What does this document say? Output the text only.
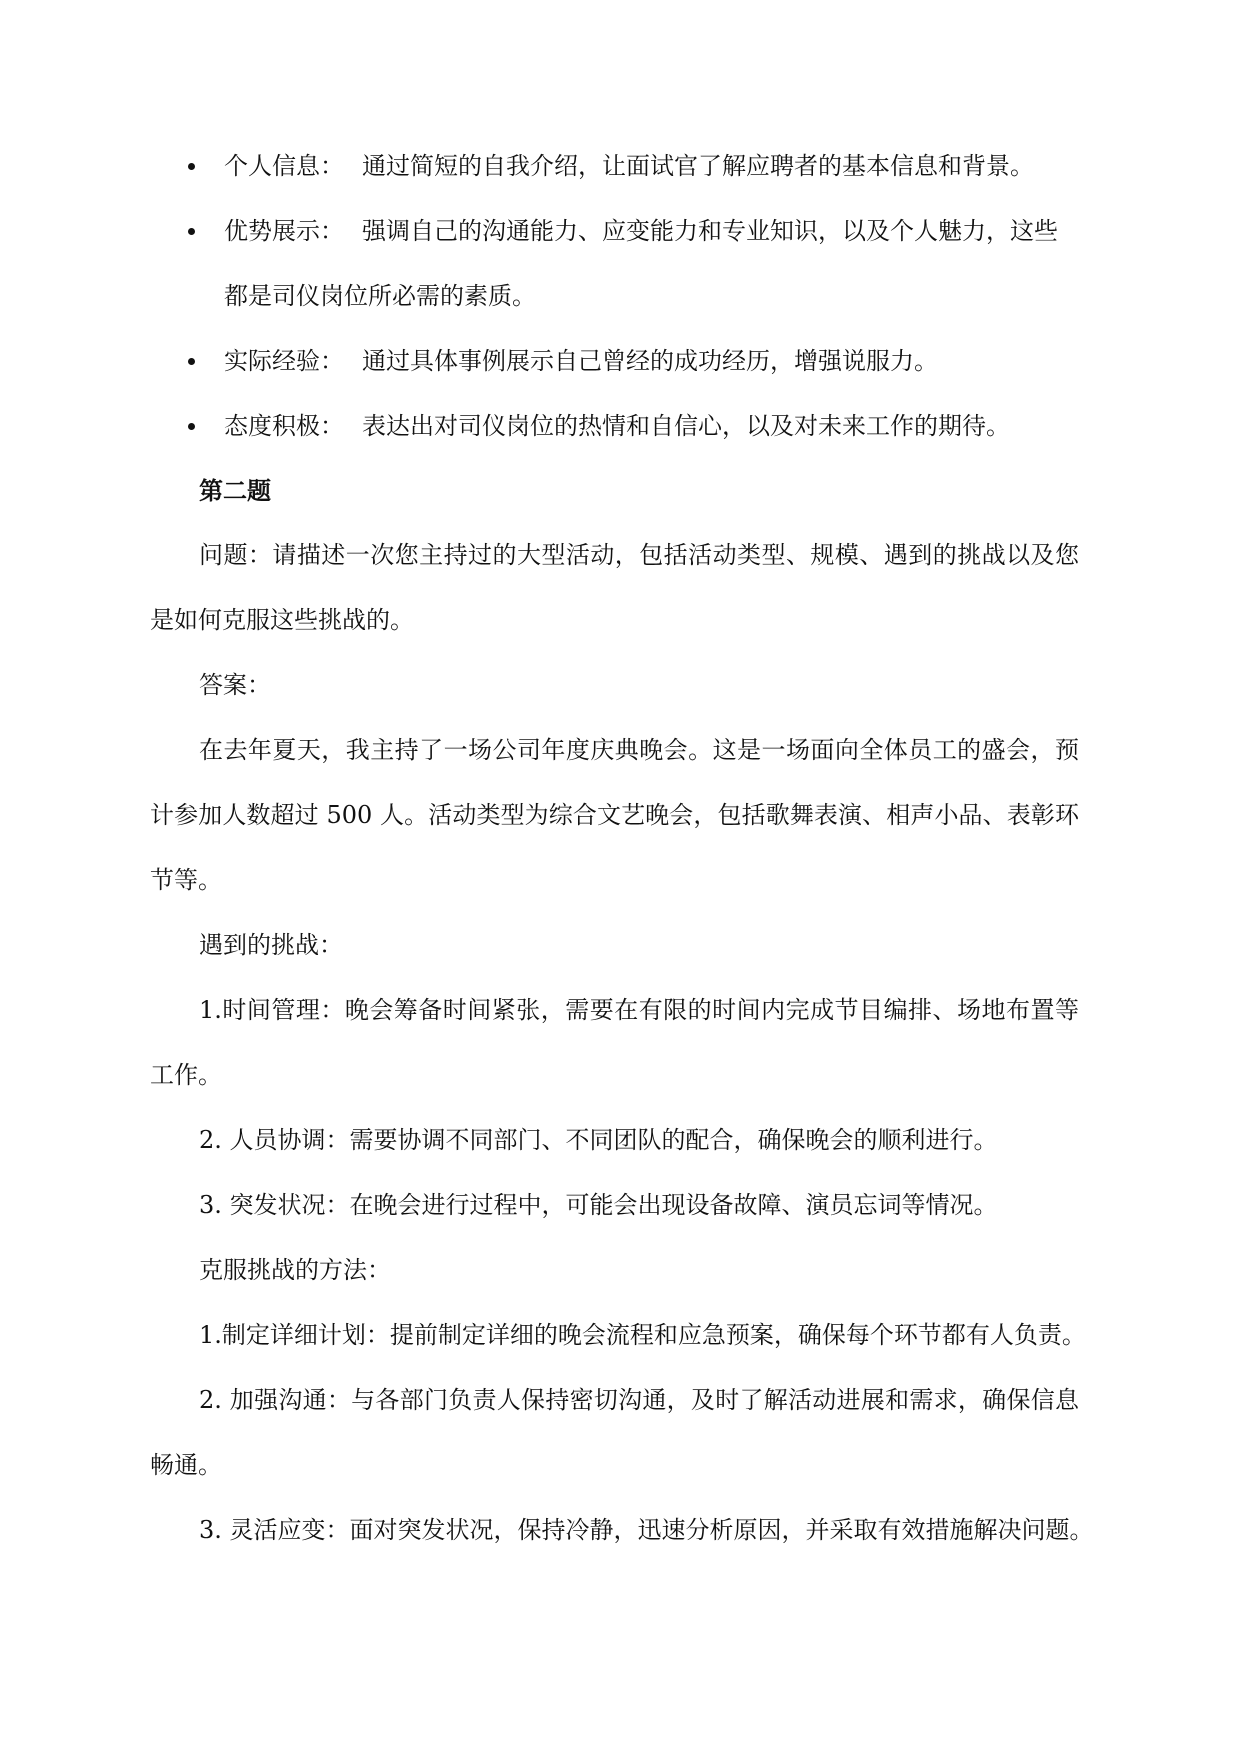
个人信息： 通过简短的自我介绍，让面试官了解应聘者的基本信息和背景。
优势展示： 强调自己的沟通能力、应变能力和专业知识，以及个人魅力，这些
都是司仪岗位所必需的素质。
实际经验： 通过具体事例展示自己曾经的成功经历，增强说服力。
态度积极： 表达出对司仪岗位的热情和自信心，以及对未来工作的期待。
第二题
问题：请描述一次您主持过的大型活动，包括活动类型、规模、遇到的挑战以及您
是如何克服这些挑战的。
答案：
在去年夏天，我主持了一场公司年度庆典晚会。这是一场面向全体员工的盛会，预
计参加人数超过 500 人。活动类型为综合文艺晚会，包括歌舞表演、相声小品、表彰环
节等。
遇到的挑战：
1.时间管理：晚会筹备时间紧张，需要在有限的时间内完成节目编排、场地布置等
工作。
2. 人员协调：需要协调不同部门、不同团队的配合，确保晚会的顺利进行。
3. 突发状况：在晚会进行过程中，可能会出现设备故障、演员忘词等情况。
克服挑战的方法：
1.制定详细计划：提前制定详细的晚会流程和应急预案，确保每个环节都有人负责。
2. 加强沟通：与各部门负责人保持密切沟通，及时了解活动进展和需求，确保信息
畅通。
3. 灵活应变：面对突发状况，保持冷静，迅速分析原因，并采取有效措施解决问题。
